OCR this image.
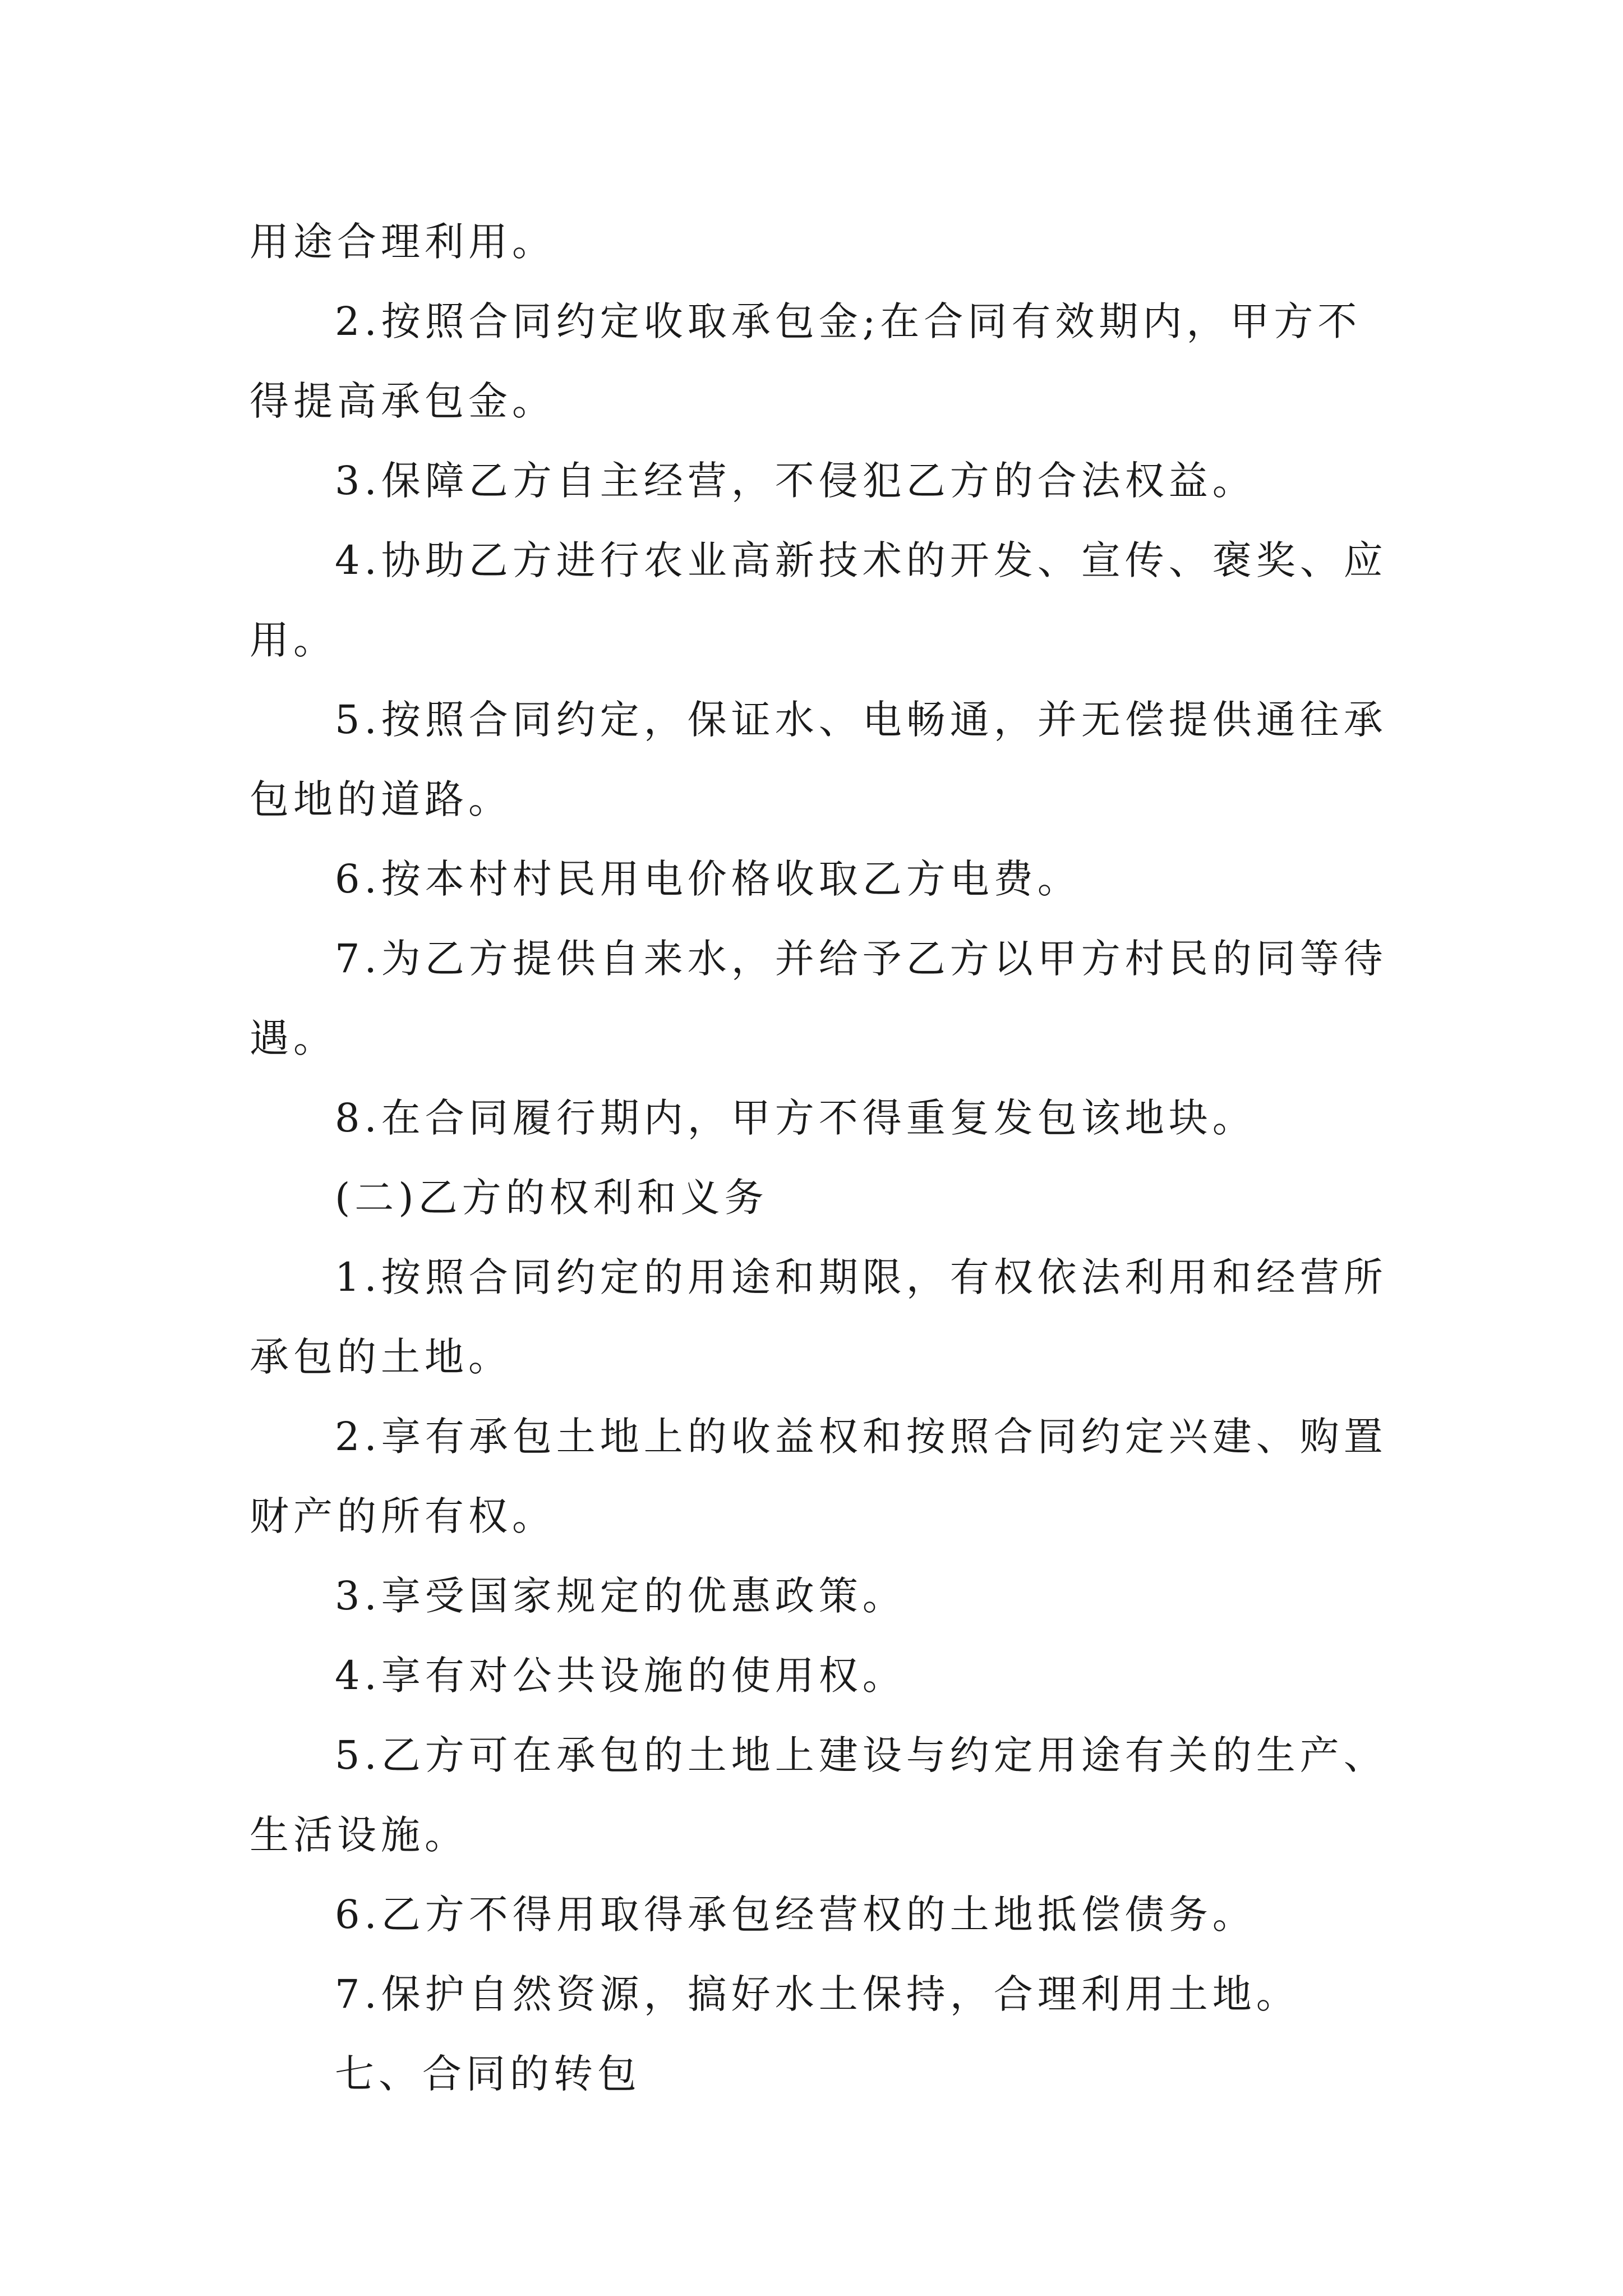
用途合理利用。

2.按照合同约定收取承包金;在合同有效期内，甲方不

得提高承包金。

3.保障乙方自主经营，不侵犯乙方的合法权益。

4.协助乙方进行农业高新技术的开发、宣传、褒奖、应

用。

5.按照合同约定，保证水、电畅通，并无偿提供通往承

包地的道路。

6.按本村村民用电价格收取乙方电费。

7.为乙方提供自来水，并给予乙方以甲方村民的同等待

遇。

8.在合同履行期内，甲方不得重复发包该地块。

(二)乙方的权利和义务

1.按照合同约定的用途和期限，有权依法利用和经营所

承包的土地。

2.享有承包土地上的收益权和按照合同约定兴建、购置

财产的所有权。

3.享受国家规定的优惠政策。

4.享有对公共设施的使用权。

5.乙方可在承包的土地上建设与约定用途有关的生产、

生活设施。

6.乙方不得用取得承包经营权的土地抵偿债务。

7.保护自然资源，搞好水土保持，合理利用土地。

七、合同的转包
